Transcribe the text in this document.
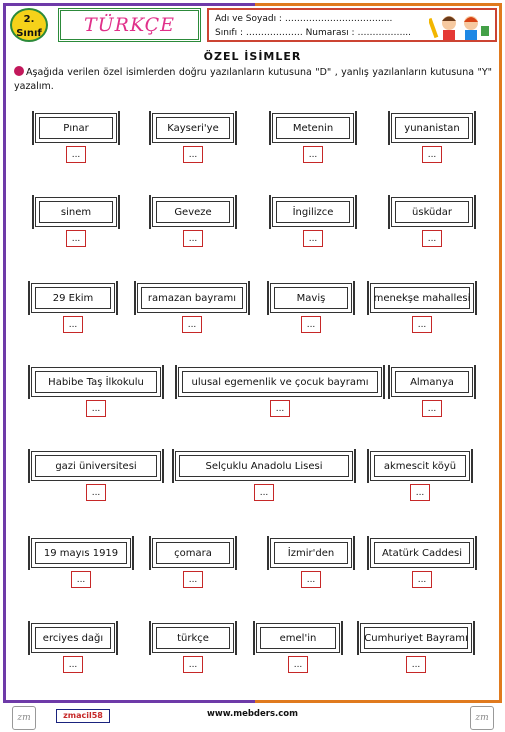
2.
Sınıf TÜRKÇE	Adı ve Soyadı : ……………………………...
Sınıfı : ………………. Numarası : ……………...
ÖZEL İSİMLER
Aşağıda verilen özel isimlerden doğru yazılanların kutusuna "D" , yanlış yazılanların kutusuna "Y" yazalım.
Pınar
...
Kayseri'ye
...
Metenin
...
yunanistan
...
sinem
...
Geveze
...
İngilizce
...
üsküdar
...
29 Ekim
...
ramazan bayramı
...
Maviş
...
menekşe mahallesi
...
Habibe Taş İlkokulu
...
ulusal egemenlik ve çocuk bayramı
...
Almanya
...
gazi üniversitesi
...
Selçuklu Anadolu Lisesi
...
akmescit köyü
...
19 mayıs 1919
...
çomara
...
İzmir'den
...
Atatürk Caddesi
...
erciyes dağı
...
türkçe
...
emel'in
...
Cumhuriyet Bayramı
...
zm	zmacil58	www.mebders.com	zm
